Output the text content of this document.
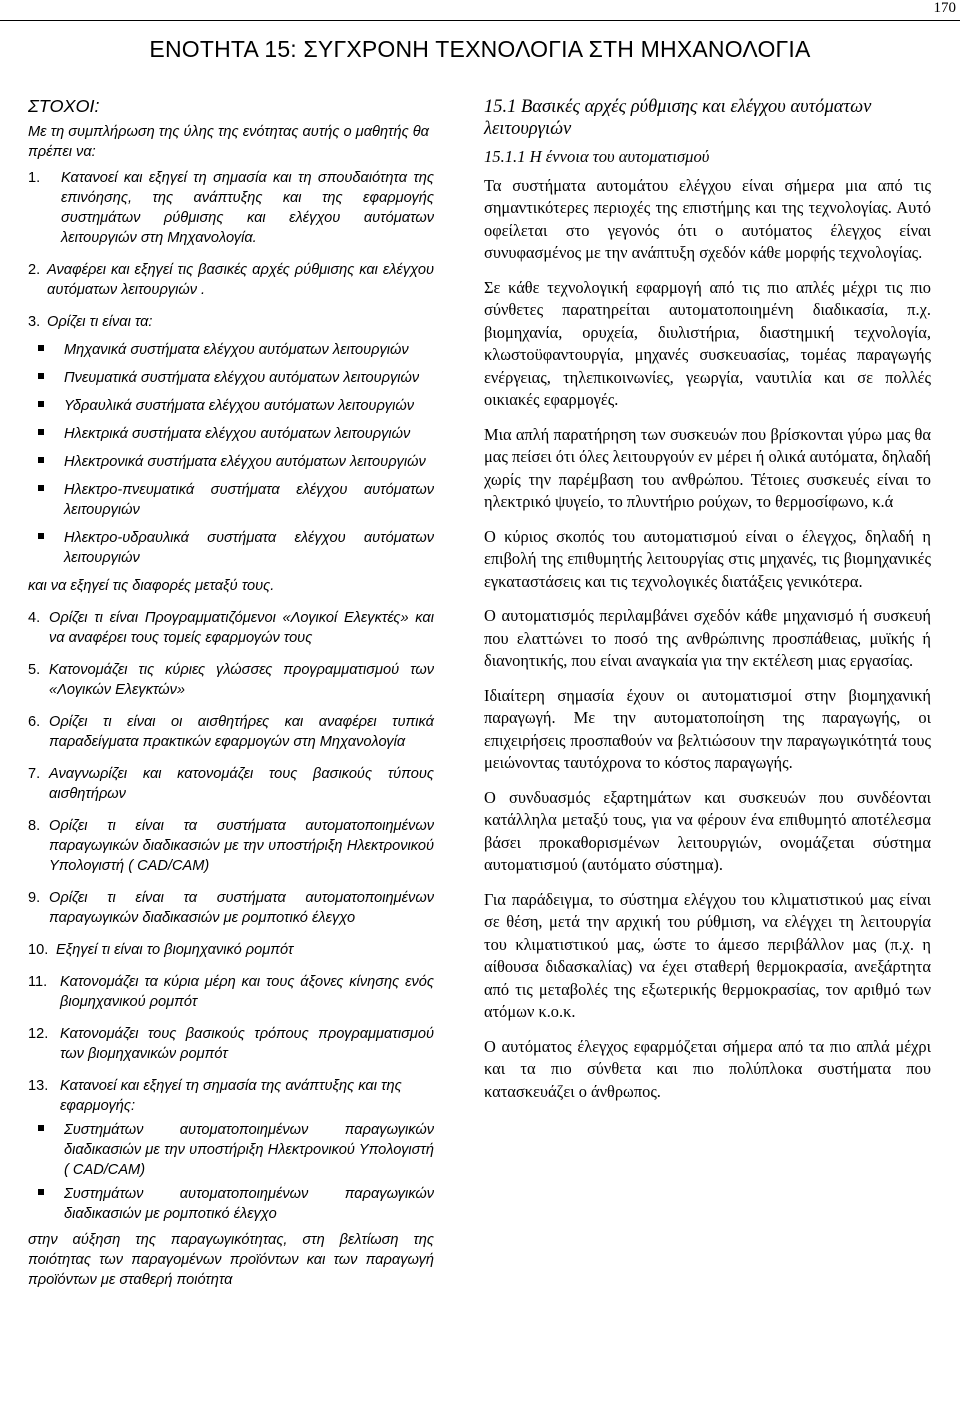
170
ΕΝΟΤΗΤΑ 15: ΣΥΓΧΡΟΝΗ ΤΕΧΝΟΛΟΓΙΑ ΣΤΗ ΜΗΧΑΝΟΛΟΓΙΑ
ΣΤΟΧΟΙ:
Με τη συμπλήρωση της ύλης της ενότητας αυτής ο μαθητής θα πρέπει να:
1. Κατανοεί και εξηγεί τη σημασία και τη σπουδαιότητα της επινόησης, της ανάπτυξης και της εφαρμογής συστημάτων ρύθμισης και ελέγχου αυτόματων λειτουργιών στη Μηχανολογία.
2. Αναφέρει και εξηγεί τις βασικές αρχές ρύθμισης και ελέγχου αυτόματων λειτουργιών .
3. Ορίζει τι είναι τα:
Μηχανικά συστήματα ελέγχου αυτόματων λειτουργιών
Πνευματικά συστήματα ελέγχου αυτόματων λειτουργιών
Υδραυλικά συστήματα ελέγχου αυτόματων λειτουργιών
Ηλεκτρικά συστήματα ελέγχου αυτόματων λειτουργιών
Ηλεκτρονικά συστήματα ελέγχου αυτόματων λειτουργιών
Ηλεκτρο-πνευματικά συστήματα ελέγχου αυτόματων λειτουργιών
Ηλεκτρο-υδραυλικά συστήματα ελέγχου αυτόματων λειτουργιών
και να εξηγεί τις διαφορές μεταξύ τους.
4. Ορίζει τι είναι Προγραμματιζόμενοι «Λογικοί Ελεγκτές» και να αναφέρει τους τομείς εφαρμογών τους
5. Κατονομάζει τις κύριες γλώσσες προγραμματισμού των «Λογικών Ελεγκτών»
6. Ορίζει τι είναι οι αισθητήρες και αναφέρει τυπικά παραδείγματα πρακτικών εφαρμογών στη Μηχανολογία
7. Αναγνωρίζει και κατονομάζει τους βασικούς τύπους αισθητήρων
8. Ορίζει τι είναι τα συστήματα αυτοματοποιημένων παραγωγικών διαδικασιών με την υποστήριξη Ηλεκτρονικού Υπολογιστή ( CAD/CAM)
9. Ορίζει τι είναι τα συστήματα αυτοματοποιημένων παραγωγικών διαδικασιών με ρομποτικό έλεγχο
10. Εξηγεί τι είναι το βιομηχανικό ρομπότ
11. Κατονομάζει τα κύρια μέρη και τους άξονες κίνησης ενός βιομηχανικού ρομπότ
12. Κατονομάζει τους βασικούς τρόπους προγραμματισμού των βιομηχανικών ρομπότ
13. Κατανοεί και εξηγεί τη σημασία της ανάπτυξης και της εφαρμογής:
Συστημάτων αυτοματοποιημένων παραγωγικών διαδικασιών με την υποστήριξη Ηλεκτρονικού Υπολογιστή ( CAD/CAM)
Συστημάτων αυτοματοποιημένων παραγωγικών διαδικασιών με ρομποτικό έλεγχο
στην αύξηση της παραγωγικότητας, στη βελτίωση της ποιότητας των παραγομένων προϊόντων και των παραγωγή προϊόντων με σταθερή ποιότητα
15.1 Βασικές αρχές ρύθμισης και ελέγχου αυτόματων λειτουργιών
15.1.1 Η έννοια του αυτοματισμού
Τα συστήματα αυτομάτου ελέγχου είναι σήμερα μια από τις σημαντικότερες περιοχές της επιστήμης και της τεχνολογίας. Αυτό οφείλεται στο γεγονός ότι ο αυτόματος έλεγχος είναι συνυφασμένος με την ανάπτυξη σχεδόν κάθε μορφής τεχνολογίας.
Σε κάθε τεχνολογική εφαρμογή από τις πιο απλές μέχρι τις πιο σύνθετες παρατηρείται αυτοματοποιημένη διαδικασία, π.χ. βιομηχανία, ορυχεία, διυλιστήρια, διαστημική τεχνολογία, κλωστοϋφαντουργία, μηχανές συσκευασίας, τομέας παραγωγής ενέργειας, τηλεπικοινωνίες, γεωργία, ναυτιλία και σε πολλές οικιακές εφαρμογές.
Μια απλή παρατήρηση των συσκευών που βρίσκονται γύρω μας θα μας πείσει ότι όλες λειτουργούν εν μέρει ή ολικά αυτόματα, δηλαδή χωρίς την παρέμβαση του ανθρώπου. Τέτοιες συσκευές είναι το ηλεκτρικό ψυγείο, το πλυντήριο ρούχων, το θερμοσίφωνο, κ.ά
Ο κύριος σκοπός του αυτοματισμού είναι ο έλεγχος, δηλαδή η επιβολή της επιθυμητής λειτουργίας στις μηχανές, τις βιομηχανικές εγκαταστάσεις και τις τεχνολογικές διατάξεις γενικότερα.
Ο αυτοματισμός περιλαμβάνει σχεδόν κάθε μηχανισμό ή συσκευή που ελαττώνει το ποσό της ανθρώπινης προσπάθειας, μυϊκής ή διανοητικής, που είναι αναγκαία για την εκτέλεση μιας εργασίας.
Ιδιαίτερη σημασία έχουν οι αυτοματισμοί στην βιομηχανική παραγωγή. Με την αυτοματοποίηση της παραγωγής, οι επιχειρήσεις προσπαθούν να βελτιώσουν την παραγωγικότητά τους μειώνοντας ταυτόχρονα το κόστος παραγωγής.
Ο συνδυασμός εξαρτημάτων και συσκευών που συνδέονται κατάλληλα μεταξύ τους, για να φέρουν ένα επιθυμητό αποτέλεσμα βάσει προκαθορισμένων λειτουργιών, ονομάζεται σύστημα αυτοματισμού (αυτόματο σύστημα).
Για παράδειγμα, το σύστημα ελέγχου του κλιματιστικού μας είναι σε θέση, μετά την αρχική του ρύθμιση, να ελέγχει τη λειτουργία του κλιματιστικού μας, ώστε το άμεσο περιβάλλον μας (π.χ. η αίθουσα διδασκαλίας) να έχει σταθερή θερμοκρασία, ανεξάρτητα από τις μεταβολές της εξωτερικής θερμοκρασίας, τον αριθμό των ατόμων κ.ο.κ.
Ο αυτόματος έλεγχος εφαρμόζεται σήμερα από τα πιο απλά μέχρι και τα πιο σύνθετα και πιο πολύπλοκα συστήματα που κατασκευάζει ο άνθρωπος.
